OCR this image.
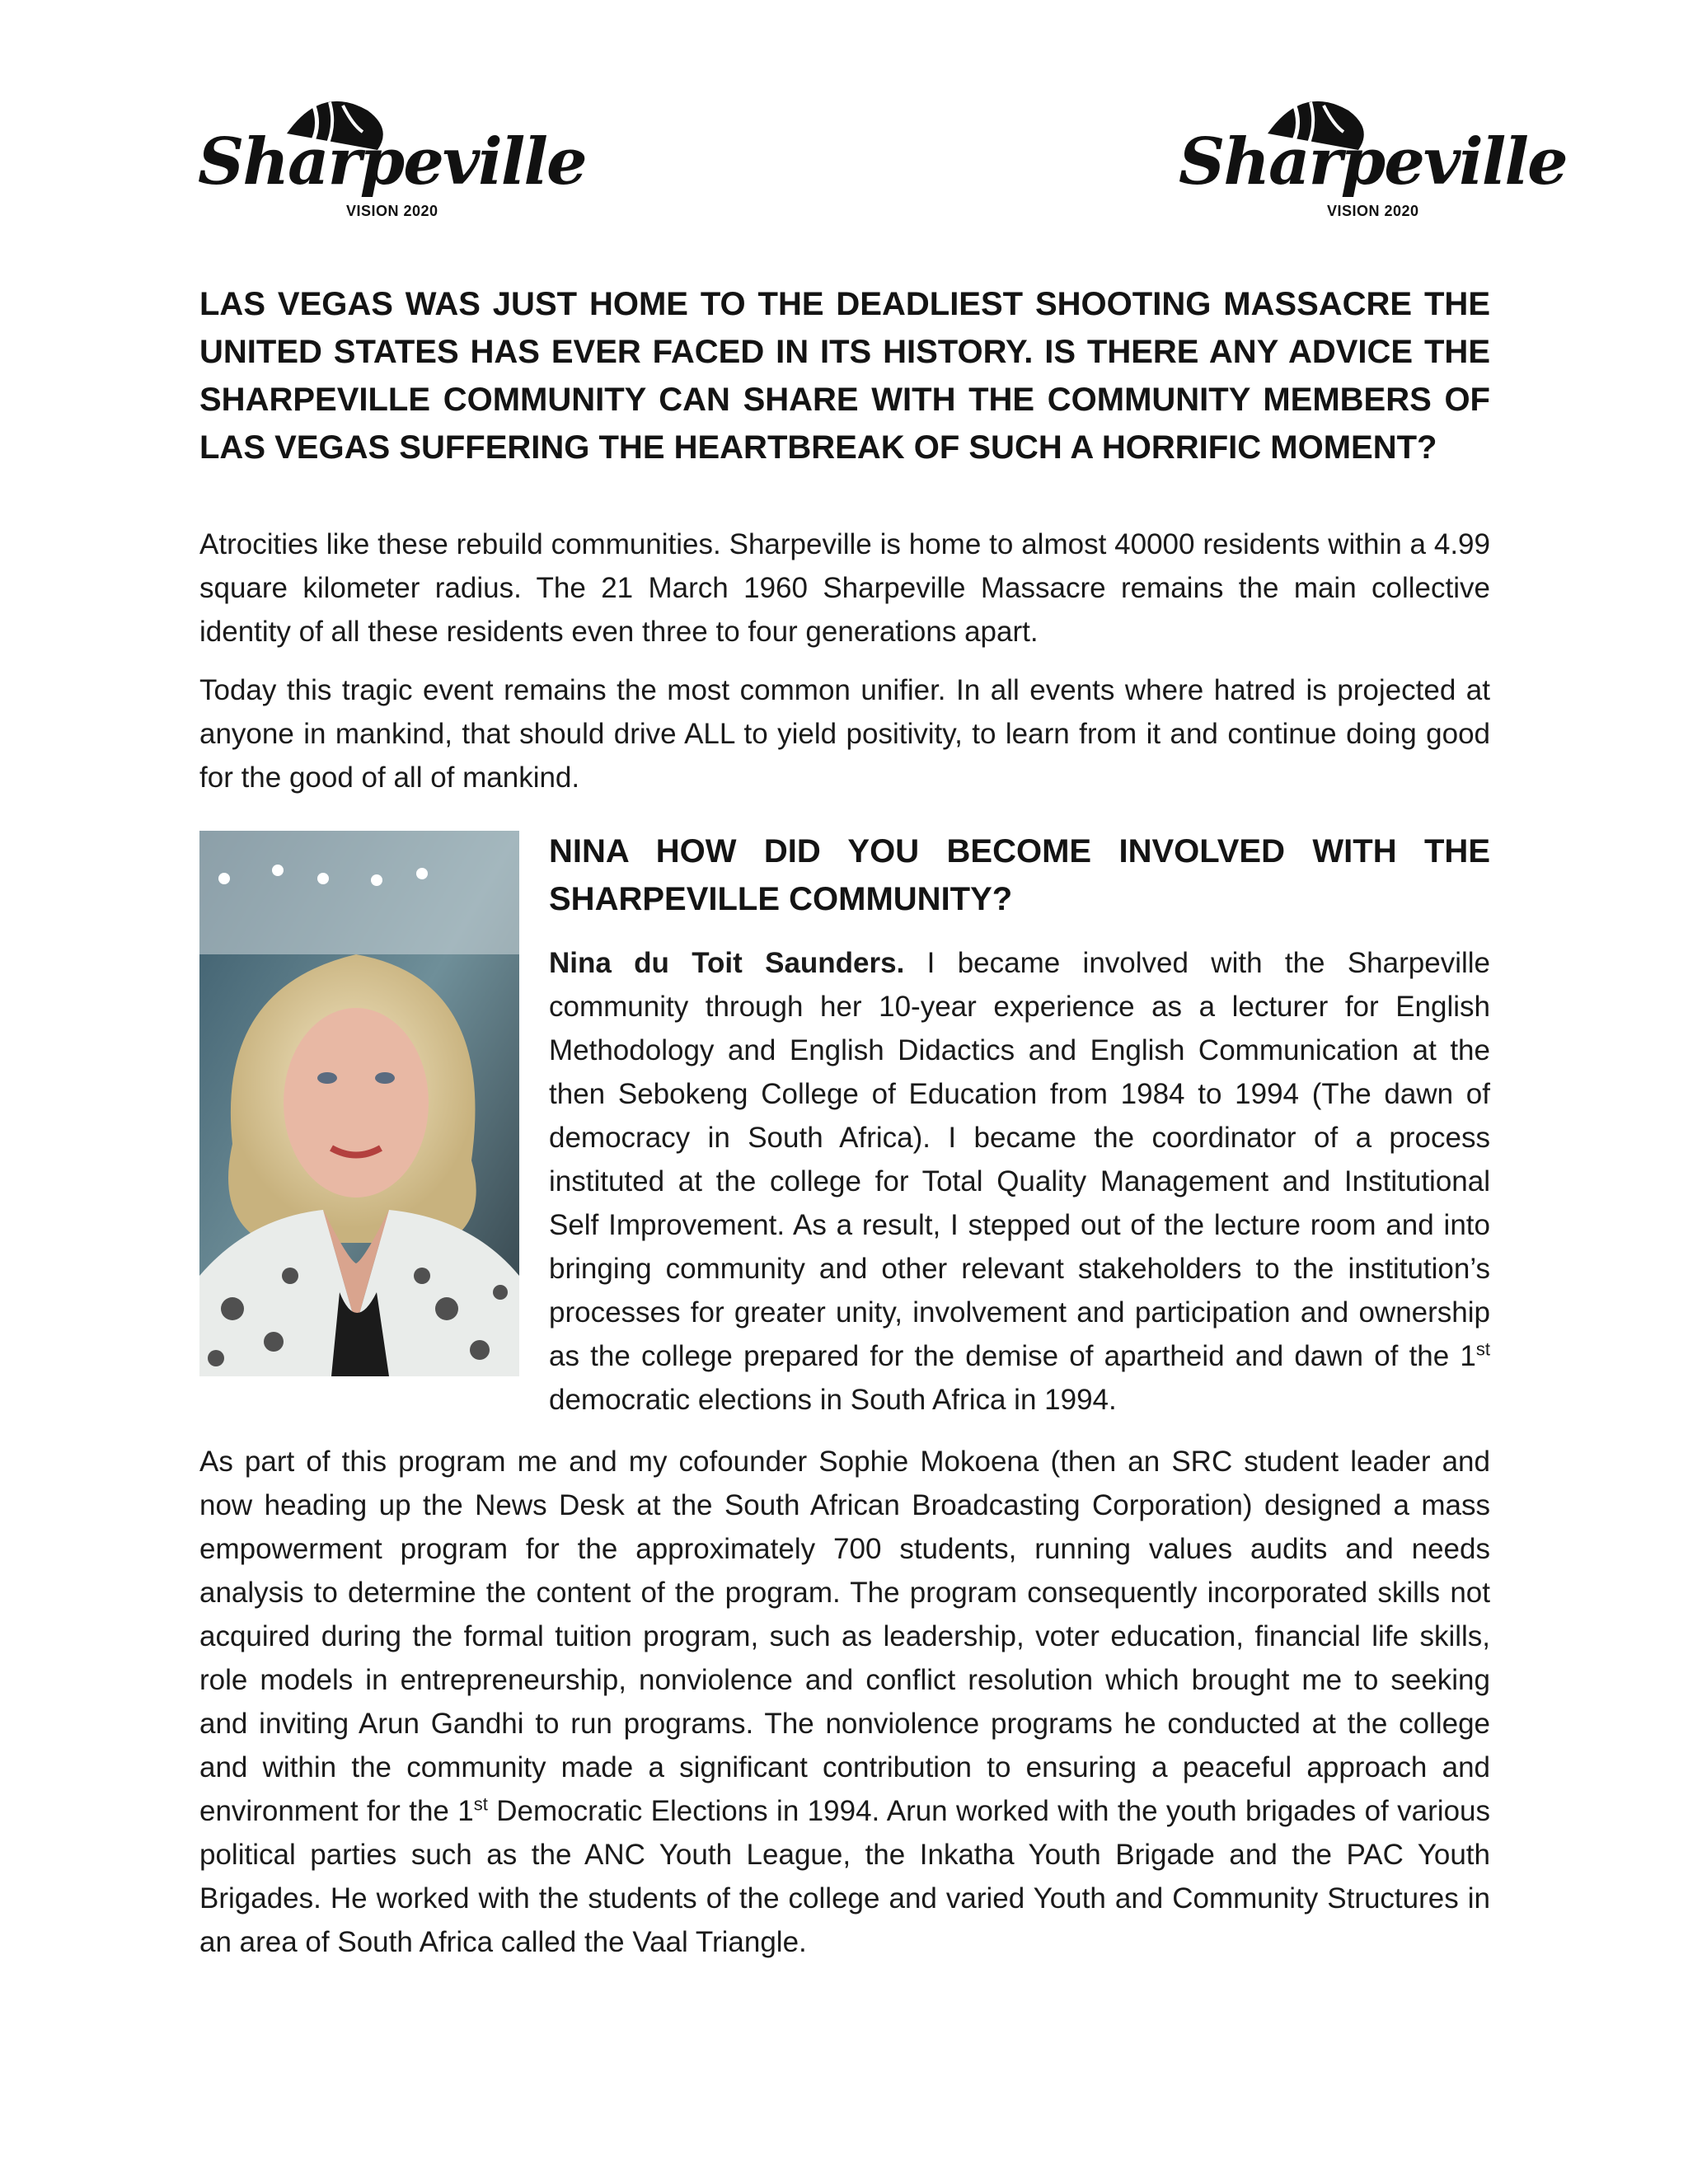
Sharpeville
VISION 2020
Sharpeville
VISION 2020
LAS VEGAS WAS JUST HOME TO THE DEADLIEST SHOOTING MASSACRE THE UNITED STATES HAS EVER FACED IN ITS HISTORY. IS THERE ANY ADVICE THE SHARPEVILLE COMMUNITY CAN SHARE WITH THE COMMUNITY MEMBERS OF LAS VEGAS SUFFERING THE HEARTBREAK OF SUCH A HORRIFIC MOMENT?

Atrocities like these rebuild communities. Sharpeville is home to almost 40000 residents within a 4.99 square kilometer radius. The 21 March 1960 Sharpeville Massacre remains the main collective identity of all these residents even three to four generations apart.

Today this tragic event remains the most common unifier. In all events where hatred is projected at anyone in mankind, that should drive ALL to yield positivity, to learn from it and continue doing good for the good of all of mankind.

NINA HOW DID YOU BECOME INVOLVED WITH THE SHARPEVILLE COMMUNITY?

Nina du Toit Saunders. I became involved with the Sharpeville community through her 10-year experience as a lecturer for English Methodology and English Didactics and English Communication at the then Sebokeng College of Education from 1984 to 1994 (The dawn of democracy in South Africa). I became the coordinator of a process instituted at the college for Total Quality Management and Institutional Self Improvement. As a result, I stepped out of the lecture room and into bringing community and other relevant stakeholders to the institution’s processes for greater unity, involvement and participation and ownership as the college prepared for the demise of apartheid and dawn of the 1st democratic elections in South Africa in 1994.

As part of this program me and my cofounder Sophie Mokoena (then an SRC student leader and now heading up the News Desk at the South African Broadcasting Corporation) designed a mass empowerment program for the approximately 700 students, running values audits and needs analysis to determine the content of the program. The program consequently incorporated skills not acquired during the formal tuition program, such as leadership, voter education, financial life skills, role models in entrepreneurship, nonviolence and conflict resolution which brought me to seeking and inviting Arun Gandhi to run programs. The nonviolence programs he conducted at the college and within the community made a significant contribution to ensuring a peaceful approach and environment for the 1st Democratic Elections in 1994. Arun worked with the youth brigades of various political parties such as the ANC Youth League, the Inkatha Youth Brigade and the PAC Youth Brigades. He worked with the students of the college and varied Youth and Community Structures in an area of South Africa called the Vaal Triangle.
